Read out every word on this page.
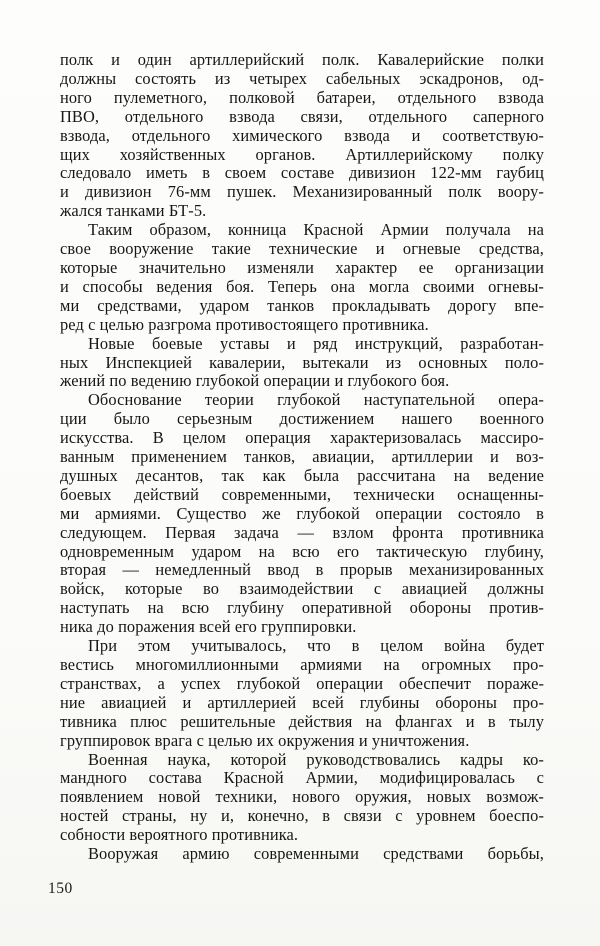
полк и один артиллерийский полк. Кавалерийские полки
должны состоять из четырех сабельных эскадронов, од-
ного пулеметного, полковой батареи, отдельного взвода
ПВО, отдельного взвода связи, отдельного саперного
взвода, отдельного химического взвода и соответствую-
щих хозяйственных органов. Артиллерийскому полку
следовало иметь в своем составе дивизион 122-мм гаубиц
и дивизион 76-мм пушек. Механизированный полк воору-
жался танками БТ-5.
Таким образом, конница Красной Армии получала на
свое вооружение такие технические и огневые средства,
которые значительно изменяли характер ее организации
и способы ведения боя. Теперь она могла своими огневы-
ми средствами, ударом танков прокладывать дорогу впе-
ред с целью разгрома противостоящего противника.
Новые боевые уставы и ряд инструкций, разработан-
ных Инспекцией кавалерии, вытекали из основных поло-
жений по ведению глубокой операции и глубокого боя.
Обоснование теории глубокой наступательной опера-
ции было серьезным достижением нашего военного
искусства. В целом операция характеризовалась массиро-
ванным применением танков, авиации, артиллерии и воз-
душных десантов, так как была рассчитана на ведение
боевых действий современными, технически оснащенны-
ми армиями. Существо же глубокой операции состояло в
следующем. Первая задача — взлом фронта противника
одновременным ударом на всю его тактическую глубину,
вторая — немедленный ввод в прорыв механизированных
войск, которые во взаимодействии с авиацией должны
наступать на всю глубину оперативной обороны против-
ника до поражения всей его группировки.
При этом учитывалось, что в целом война будет
вестись многомиллионными армиями на огромных про-
странствах, а успех глубокой операции обеспечит пораже-
ние авиацией и артиллерией всей глубины обороны про-
тивника плюс решительные действия на флангах и в тылу
группировок врага с целью их окружения и уничтожения.
Военная наука, которой руководствовались кадры ко-
мандного состава Красной Армии, модифицировалась с
появлением новой техники, нового оружия, новых возмож-
ностей страны, ну и, конечно, в связи с уровнем боеспо-
собности вероятного противника.
Вооружая армию современными средствами борьбы,
150
